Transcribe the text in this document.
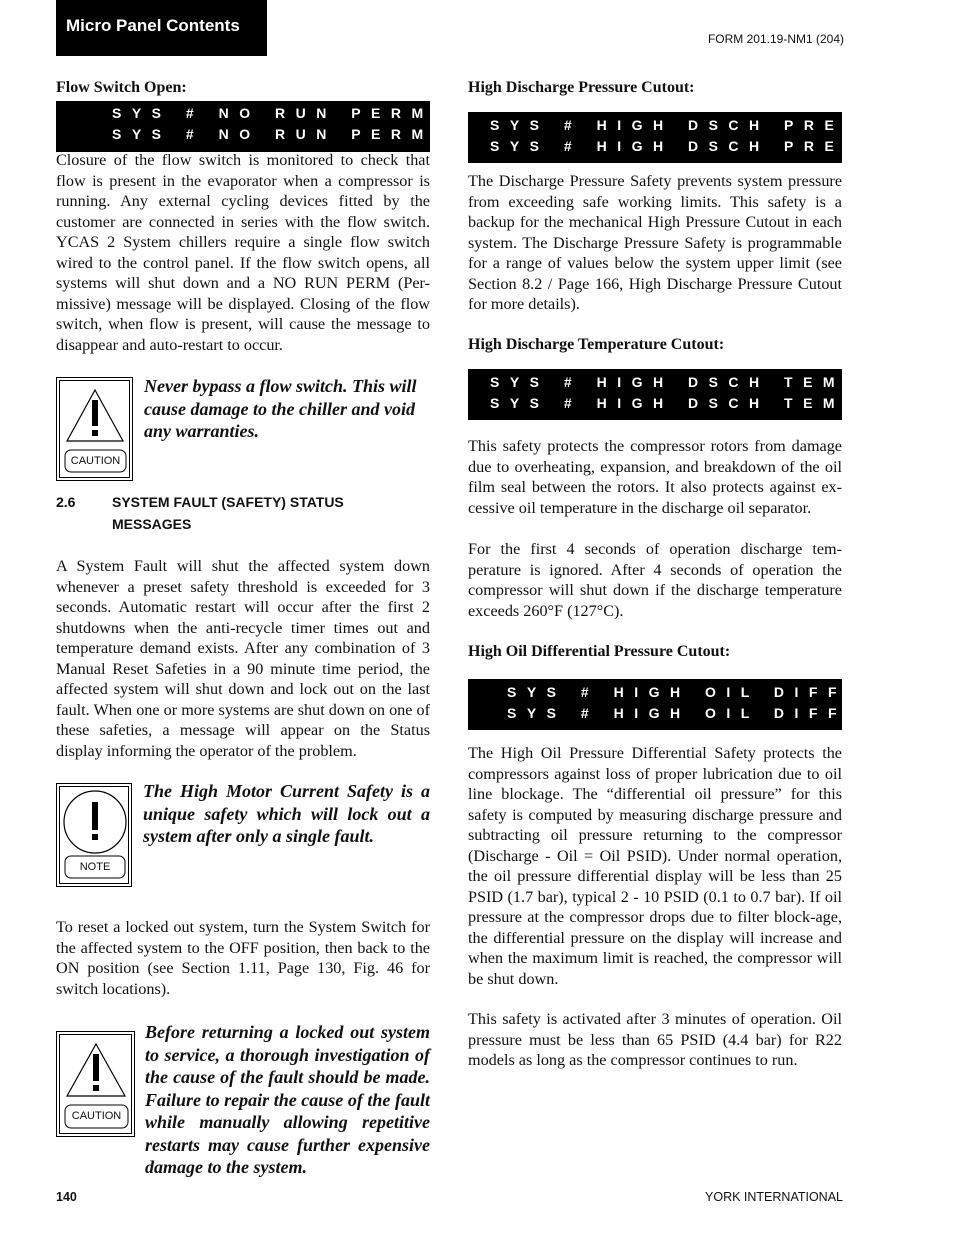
Micro Panel Contents
FORM 201.19-NM1 (204)
Flow Switch Open:
SYS # NO RUN PERM
SYS # NO RUN PERM

Closure of the flow switch is monitored to check that flow is present in the evaporator when a compressor is running. Any external cycling devices fitted by the customer are connected in series with the flow switch. YCAS 2 System chillers require a single flow switch wired to the control panel. If the flow switch opens, all systems will shut down and a NO RUN PERM (Per-missive) message will be displayed. Closing of the flow switch, when flow is present, will cause the message to disappear and auto-restart to occur.

CAUTION

Never bypass a flow switch. This will cause damage to the chiller and void any warranties.

2.6	SYSTEM FAULT (SAFETY) STATUS
MESSAGES

A System Fault will shut the affected system down whenever a preset safety threshold is exceeded for 3 seconds. Automatic restart will occur after the first 2 shutdowns when the anti-recycle timer times out and temperature demand exists. After any combination of 3 Manual Reset Safeties in a 90 minute time period, the affected system will shut down and lock out on the last fault. When one or more systems are shut down on one of these safeties, a message will appear on the Status display informing the operator of the problem.

NOTE

The High Motor Current Safety is a unique safety which will lock out a system after only a single fault.

To reset a locked out system, turn the System Switch for the affected system to the OFF position, then back to the ON position (see Section 1.11, Page 130, Fig. 46 for switch locations).

CAUTION

Before returning a locked out system to service, a thorough investigation of the cause of the fault should be made. Failure to repair the cause of the fault while manually allowing repetitive restarts may cause further expensive damage to the system.

High Discharge Pressure Cutout:
SYS # HIGH DSCH PRES
SYS # HIGH DSCH PRES

The Discharge Pressure Safety prevents system pressure from exceeding safe working limits. This safety is a backup for the mechanical High Pressure Cutout in each system. The Discharge Pressure Safety is programmable for a range of values below the system upper limit (see Section 8.2 / Page 166, High Discharge Pressure Cutout for more details).

High Discharge Temperature Cutout:
SYS # HIGH DSCH TEMP
SYS # HIGH DSCH TEMP

This safety protects the compressor rotors from damage due to overheating, expansion, and breakdown of the oil film seal between the rotors. It also protects against ex-cessive oil temperature in the discharge oil separator.

For the first 4 seconds of operation discharge tem-perature is ignored. After 4 seconds of operation the compressor will shut down if the discharge temperature exceeds 260°F (127°C).

High Oil Differential Pressure Cutout:
SYS # HIGH OIL DIFF
SYS # HIGH OIL DIFF

The High Oil Pressure Differential Safety protects the compressors against loss of proper lubrication due to oil line blockage. The “differential oil pressure” for this safety is computed by measuring discharge pressure and subtracting oil pressure returning to the compressor (Discharge - Oil = Oil PSID). Under normal operation, the oil pressure differential display will be less than 25 PSID (1.7 bar), typical 2 - 10 PSID (0.1 to 0.7 bar). If oil pressure at the compressor drops due to filter block-age, the differential pressure on the display will increase and when the maximum limit is reached, the compressor will be shut down.

This safety is activated after 3 minutes of operation. Oil pressure must be less than 65 PSID (4.4 bar) for R22 models as long as the compressor continues to run.

140	YORK INTERNATIONAL
